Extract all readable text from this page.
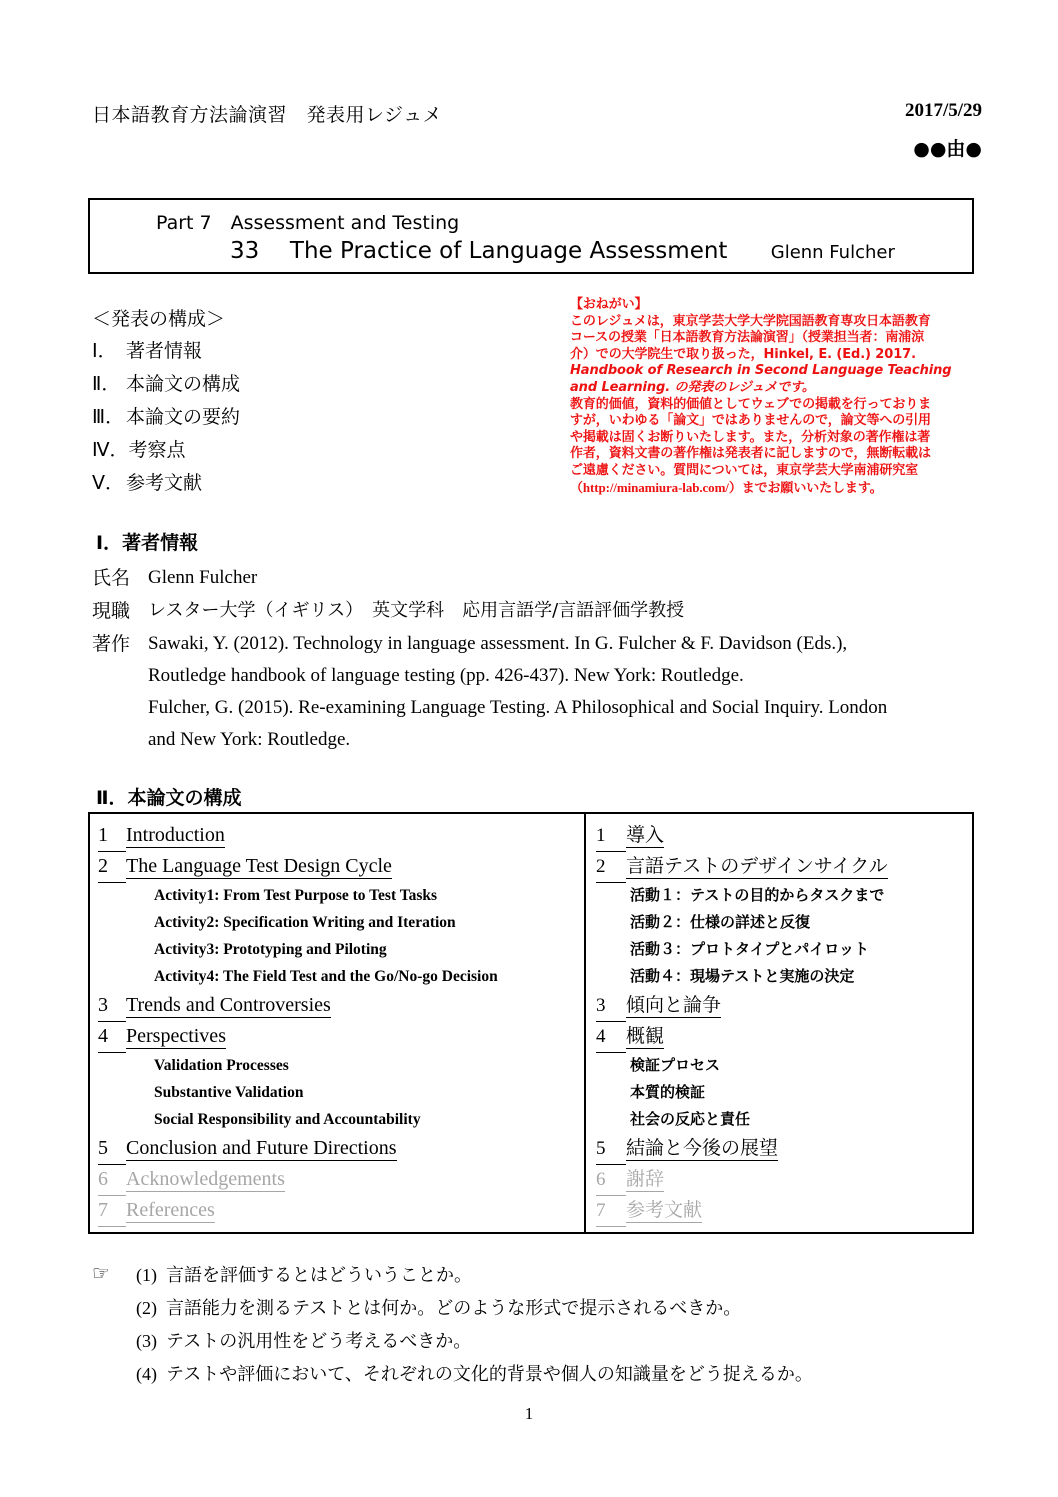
日本語教育方法論演習　発表用レジュメ	2017/5/29
●●由●
Part 7　Assessment and Testing
33 The Practice of Language Assessment Glenn Fulcher
＜発表の構成＞
Ⅰ． 著者情報
Ⅱ． 本論文の構成
Ⅲ．本論文の要約
Ⅳ．考察点
Ⅴ． 参考文献
【おねがい】
このレジュメは，東京学芸大学大学院国語教育専攻日本語教育
コースの授業「日本語教育方法論演習」（授業担当者：南浦涼
介）での大学院生で取り扱った，Hinkel, E. (Ed.) 2017.
Handbook of Research in Second Language Teaching
and Learning. の発表のレジュメです。
教育的価値，資料的価値としてウェブでの掲載を行っておりま
すが，いわゆる「論文」ではありませんので，論文等への引用
や掲載は固くお断りいたします。また，分析対象の著作権は著
作者，資料文書の著作権は発表者に記しますので，無断転載は
ご遠慮ください。質問については，東京学芸大学南浦研究室
（http://minamiura-lab.com/）までお願いいたします。
Ⅰ．著者情報
氏名 Glenn Fulcher
現職 レスター大学（イギリス）　英文学科　応用言語学/言語評価学教授
著作 Sawaki, Y. (2012). Technology in language assessment. In G. Fulcher & F. Davidson (Eds.),
Routledge handbook of language testing (pp. 426-437). New York: Routledge.
Fulcher, G. (2015). Re-examining Language Testing. A Philosophical and Social Inquiry. London
and New York: Routledge.
Ⅱ．本論文の構成
1 Introduction
2 The Language Test Design Cycle
Activity1: From Test Purpose to Test Tasks
Activity2: Specification Writing and Iteration
Activity3: Prototyping and Piloting
Activity4: The Field Test and the Go/No-go Decision
3 Trends and Controversies
4 Perspectives
Validation Processes
Substantive Validation
Social Responsibility and Accountability
5 Conclusion and Future Directions
6 Acknowledgements
7 References
1 導入
2 言語テストのデザインサイクル
活動１：テストの目的からタスクまで
活動２：仕様の詳述と反復
活動３：プロトタイプとパイロット
活動４：現場テストと実施の決定
3 傾向と論争
4 概観
検証プロセス
本質的検証
社会の反応と責任
5 結論と今後の展望
6 謝辞
7 参考文献
☞ (1) 言語を評価するとはどういうことか。
(2) 言語能力を測るテストとは何か。どのような形式で提示されるべきか。
(3) テストの汎用性をどう考えるべきか。
(4) テストや評価において、それぞれの文化的背景や個人の知識量をどう捉えるか。
1
